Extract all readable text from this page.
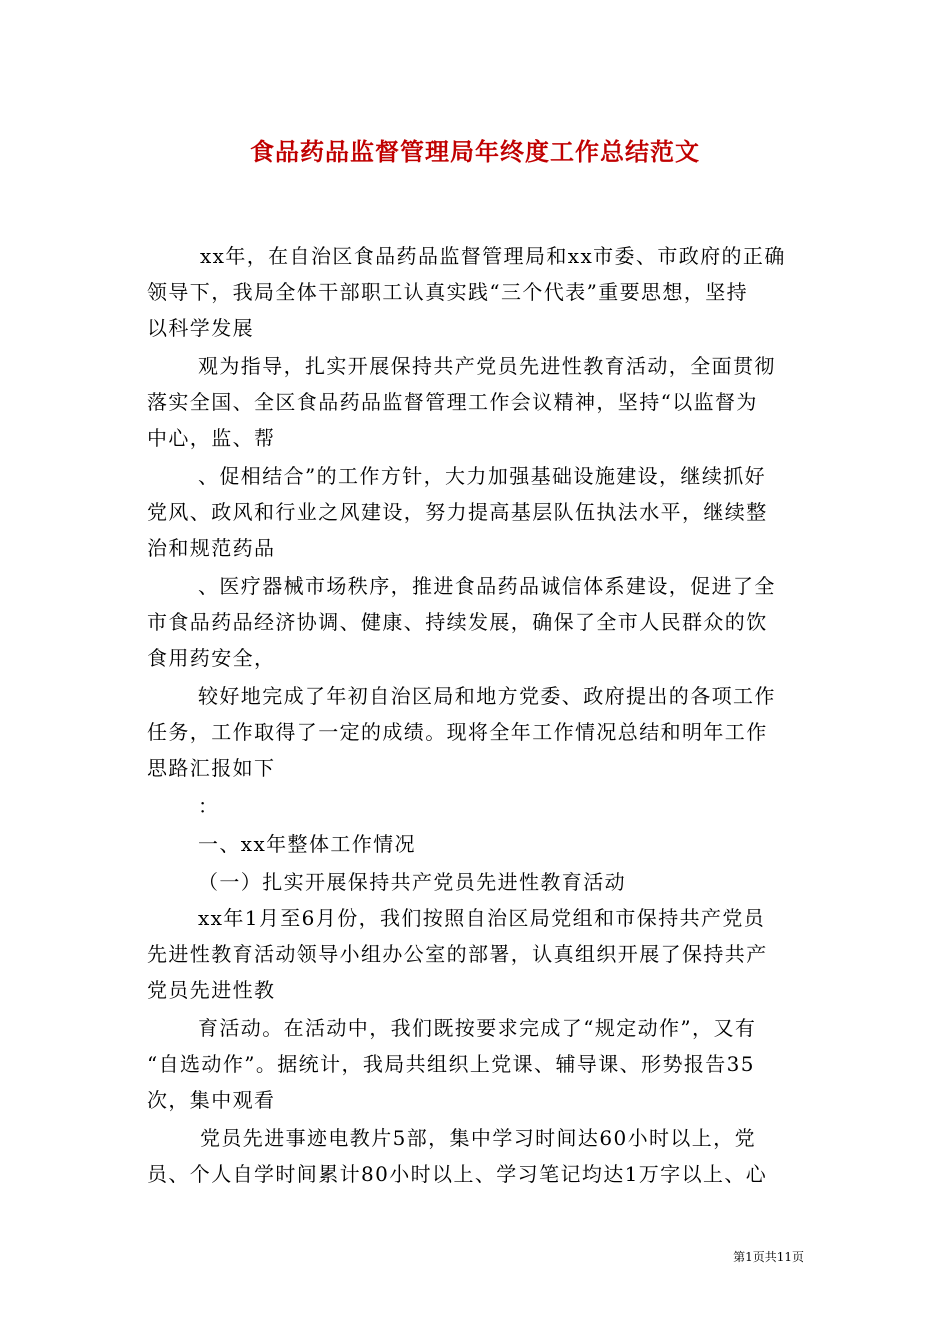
食品药品监督管理局年终度工作总结范文
xx年，在自治区食品药品监督管理局和xx市委、市政府的正确
领导下，我局全体干部职工认真实践“三个代表”重要思想，坚持
以科学发展
观为指导，扎实开展保持共产党员先进性教育活动，全面贯彻
落实全国、全区食品药品监督管理工作会议精神，坚持“以监督为
中心，监、帮
、促相结合”的工作方针，大力加强基础设施建设，继续抓好
党风、政风和行业之风建设，努力提高基层队伍执法水平，继续整
治和规范药品
、医疗器械市场秩序，推进食品药品诚信体系建设，促进了全
市食品药品经济协调、健康、持续发展，确保了全市人民群众的饮
食用药安全，
较好地完成了年初自治区局和地方党委、政府提出的各项工作
任务，工作取得了一定的成绩。现将全年工作情况总结和明年工作
思路汇报如下
：
一、xx年整体工作情况
（一）扎实开展保持共产党员先进性教育活动
xx年1月至6月份，我们按照自治区局党组和市保持共产党员
先进性教育活动领导小组办公室的部署，认真组织开展了保持共产
党员先进性教
育活动。在活动中，我们既按要求完成了“规定动作”，又有
“自选动作”。据统计，我局共组织上党课、辅导课、形势报告35
次，集中观看
党员先进事迹电教片5部，集中学习时间达60小时以上，党
员、个人自学时间累计80小时以上、学习笔记均达1万字以上、心
第1页共11页
